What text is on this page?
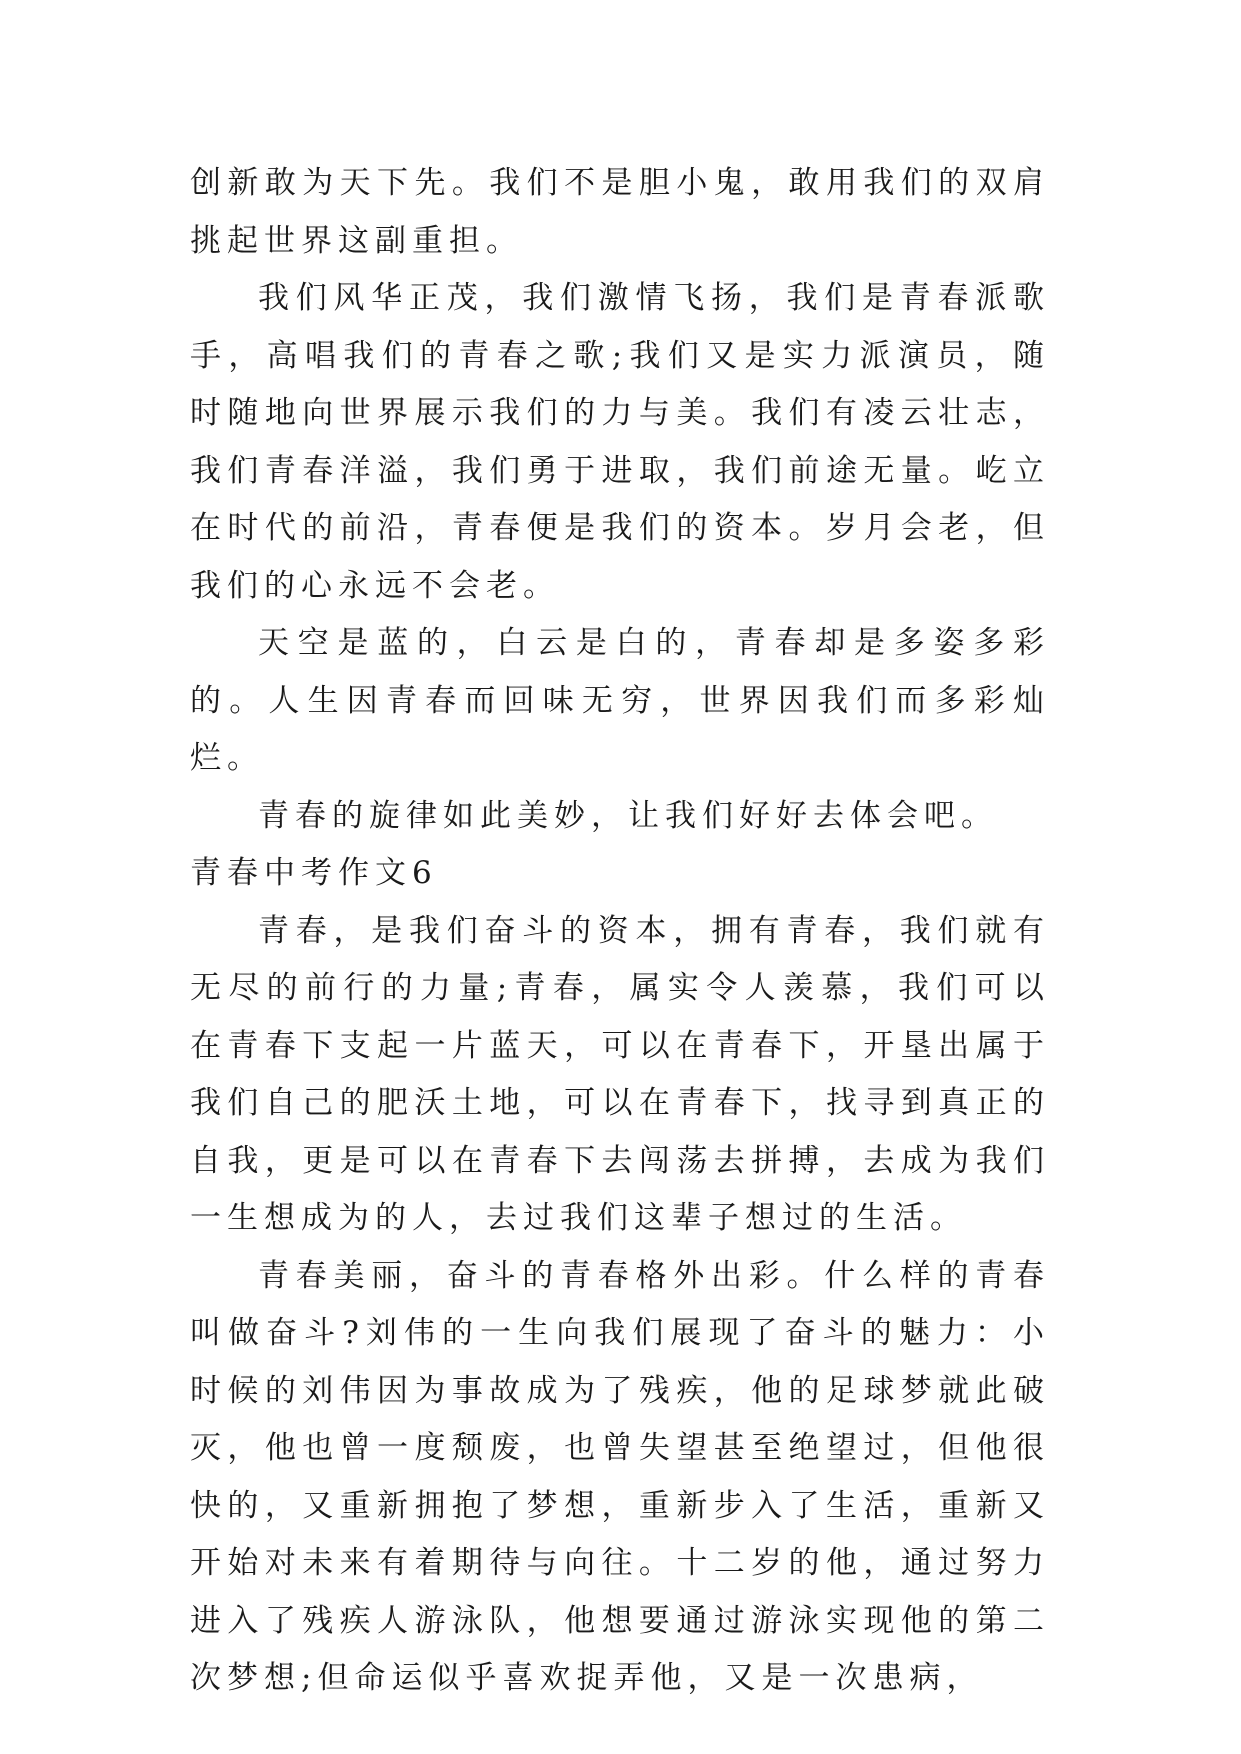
创新敢为天下先。我们不是胆小鬼，敢用我们的双肩挑起世界这副重担。

我们风华正茂，我们激情飞扬，我们是青春派歌手，高唱我们的青春之歌;我们又是实力派演员，随时随地向世界展示我们的力与美。我们有凌云壮志，我们青春洋溢，我们勇于进取，我们前途无量。屹立在时代的前沿，青春便是我们的资本。岁月会老，但我们的心永远不会老。

天空是蓝的，白云是白的，青春却是多姿多彩的。人生因青春而回味无穷，世界因我们而多彩灿烂。

青春的旋律如此美妙，让我们好好去体会吧。

青春中考作文6

青春，是我们奋斗的资本，拥有青春，我们就有无尽的前行的力量;青春，属实令人羡慕，我们可以在青春下支起一片蓝天，可以在青春下，开垦出属于我们自己的肥沃土地，可以在青春下，找寻到真正的自我，更是可以在青春下去闯荡去拼搏，去成为我们一生想成为的人，去过我们这辈子想过的生活。

青春美丽，奋斗的青春格外出彩。什么样的青春叫做奋斗?刘伟的一生向我们展现了奋斗的魅力：小时候的刘伟因为事故成为了残疾，他的足球梦就此破灭，他也曾一度颓废，也曾失望甚至绝望过，但他很快的，又重新拥抱了梦想，重新步入了生活，重新又开始对未来有着期待与向往。十二岁的他，通过努力进入了残疾人游泳队，他想要通过游泳实现他的第二次梦想;但命运似乎喜欢捉弄他，又是一次患病，
